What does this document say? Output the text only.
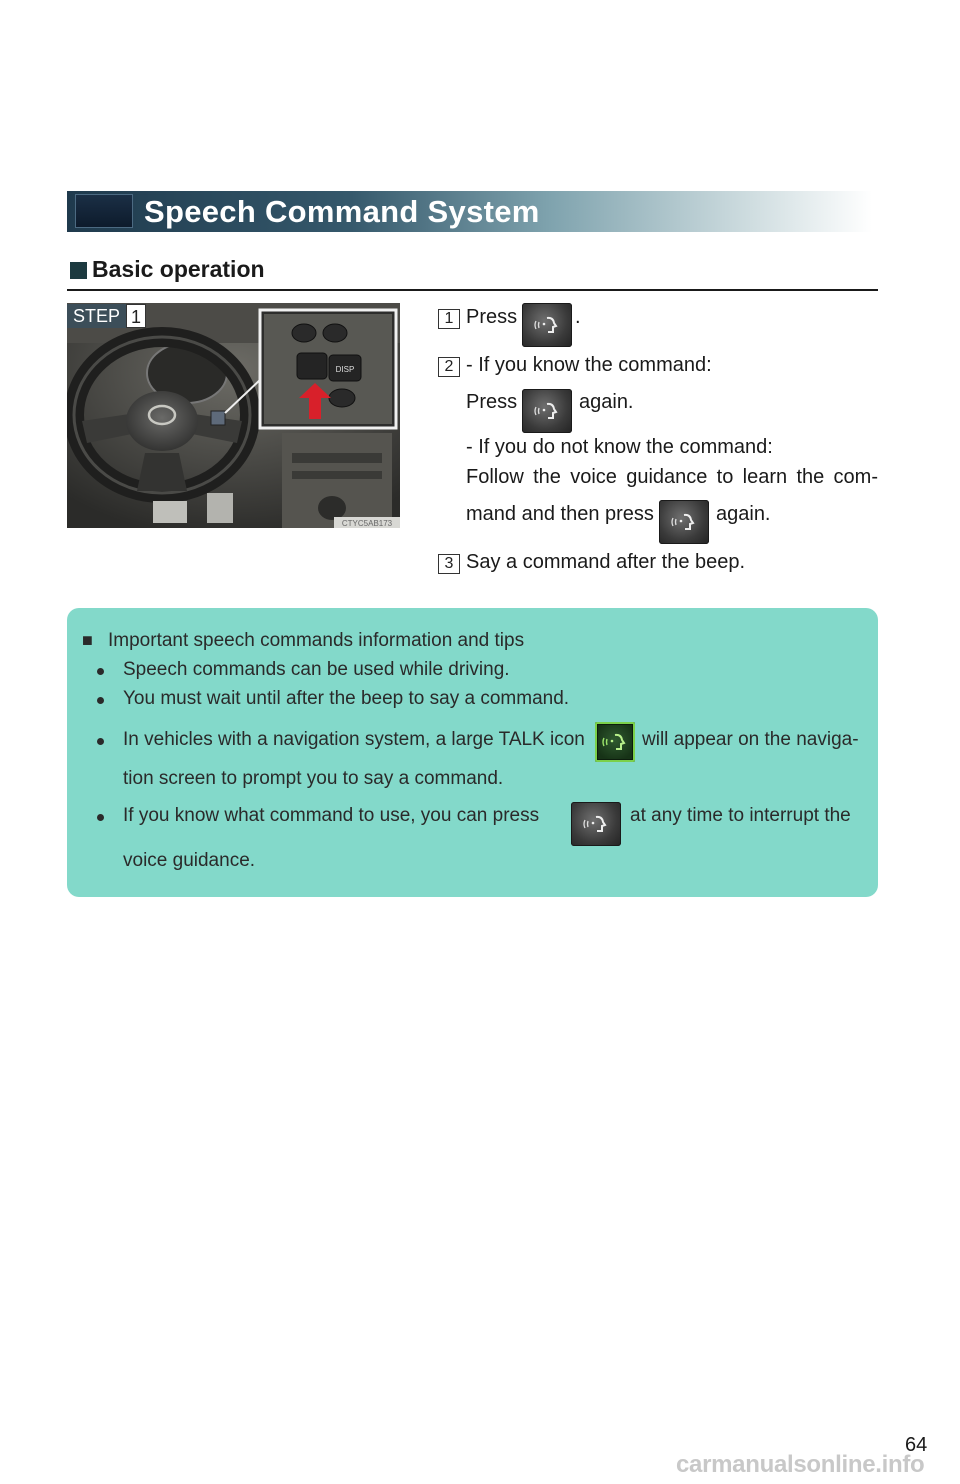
Speech Command System
Basic operation
DISP
CTYC5AB173
STEP 1	1 Press	.
2 - If you know the command:
Press	again.
- If you do not know the command:
Follow the voice guidance to learn the com-
mand and then press	again.
3 Say a command after the beep.
■ Important speech commands information and tips
Speech commands can be used while driving.
You must wait until after the beep to say a command.
In vehicles with a navigation system, a large TALK icon	will appear on the naviga-
tion screen to prompt you to say a command.
If you know what command to use, you can press	at any time to interrupt the
voice guidance.
64
carmanualsonline.info
